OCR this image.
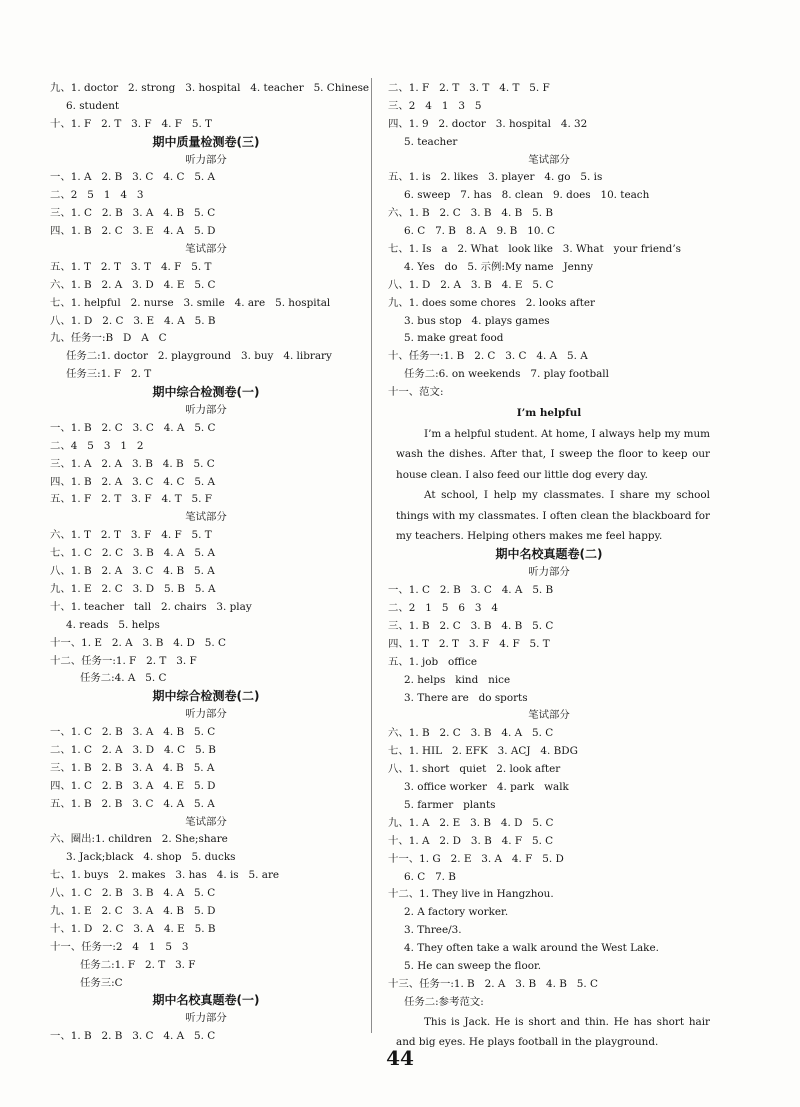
九、1. doctor   2. strong   3. hospital   4. teacher   5. Chinese
6. student
十、1. F   2. T   3. F   4. F   5. T
期中质量检测卷(三)
听力部分
一、1. A   2. B   3. C   4. C   5. A
二、2   5   1   4   3
三、1. C   2. B   3. A   4. B   5. C
四、1. B   2. C   3. E   4. A   5. D
笔试部分
五、1. T   2. T   3. T   4. F   5. T
六、1. B   2. A   3. D   4. E   5. C
七、1. helpful   2. nurse   3. smile   4. are   5. hospital
八、1. D   2. C   3. E   4. A   5. B
九、任务一:B   D   A   C
任务二:1. doctor   2. playground   3. buy   4. library
任务三:1. F   2. T
期中综合检测卷(一)
听力部分
一、1. B   2. C   3. C   4. A   5. C
二、4   5   3   1   2
三、1. A   2. A   3. B   4. B   5. C
四、1. B   2. A   3. C   4. C   5. A
五、1. F   2. T   3. F   4. T   5. F
笔试部分
六、1. T   2. T   3. F   4. F   5. T
七、1. C   2. C   3. B   4. A   5. A
八、1. B   2. A   3. C   4. B   5. A
九、1. E   2. C   3. D   5. B   5. A
十、1. teacher   tall   2. chairs   3. play
4. reads   5. helps
十一、1. E   2. A   3. B   4. D   5. C
十二、任务一:1. F   2. T   3. F
任务二:4. A   5. C
期中综合检测卷(二)
听力部分
一、1. C   2. B   3. A   4. B   5. C
二、1. C   2. A   3. D   4. C   5. B
三、1. B   2. B   3. A   4. B   5. A
四、1. C   2. B   3. A   4. E   5. D
五、1. B   2. B   3. C   4. A   5. A
笔试部分
六、圈出:1. children   2. She;share
3. Jack;black   4. shop   5. ducks
七、1. buys   2. makes   3. has   4. is   5. are
八、1. C   2. B   3. B   4. A   5. C
九、1. E   2. C   3. A   4. B   5. D
十、1. D   2. C   3. A   4. E   5. B
十一、任务一:2   4   1   5   3
任务二:1. F   2. T   3. F
任务三:C
期中名校真题卷(一)
听力部分
一、1. B   2. B   3. C   4. A   5. C
二、1. F   2. T   3. T   4. T   5. F
三、2   4   1   3   5
四、1. 9   2. doctor   3. hospital   4. 32
5. teacher
笔试部分
五、1. is   2. likes   3. player   4. go   5. is
6. sweep   7. has   8. clean   9. does   10. teach
六、1. B   2. C   3. B   4. B   5. B
6. C   7. B   8. A   9. B   10. C
七、1. Is   a   2. What   look like   3. What   your friend’s
4. Yes   do   5. 示例:My name   Jenny
八、1. D   2. A   3. B   4. E   5. C
九、1. does some chores   2. looks after
3. bus stop   4. plays games
5. make great food
十、任务一:1. B   2. C   3. C   4. A   5. A
任务二:6. on weekends   7. play football
十一、范文:
I’m helpful

I’m a helpful student. At home, I always help my mum wash the dishes. After that, I sweep the floor to keep our house clean. I also feed our little dog every day.

At school, I help my classmates. I share my school things with my classmates. I often clean the blackboard for my teachers. Helping others makes me feel happy.

期中名校真题卷(二)
听力部分
一、1. C   2. B   3. C   4. A   5. B
二、2   1   5   6   3   4
三、1. B   2. C   3. B   4. B   5. C
四、1. T   2. T   3. F   4. F   5. T
五、1. job   office
2. helps   kind   nice
3. There are   do sports
笔试部分
六、1. B   2. C   3. B   4. A   5. C
七、1. HIL   2. EFK   3. ACJ   4. BDG
八、1. short   quiet   2. look after
3. office worker   4. park   walk
5. farmer   plants
九、1. A   2. E   3. B   4. D   5. C
十、1. A   2. D   3. B   4. F   5. C
十一、1. G   2. E   3. A   4. F   5. D
6. C   7. B
十二、1. They live in Hangzhou.
2. A factory worker.
3. Three/3.
4. They often take a walk around the West Lake.
5. He can sweep the floor.
十三、任务一:1. B   2. A   3. B   4. B   5. C
任务二:参考范文:

This is Jack. He is short and thin. He has short hair and big eyes. He plays football in the playground.

44
